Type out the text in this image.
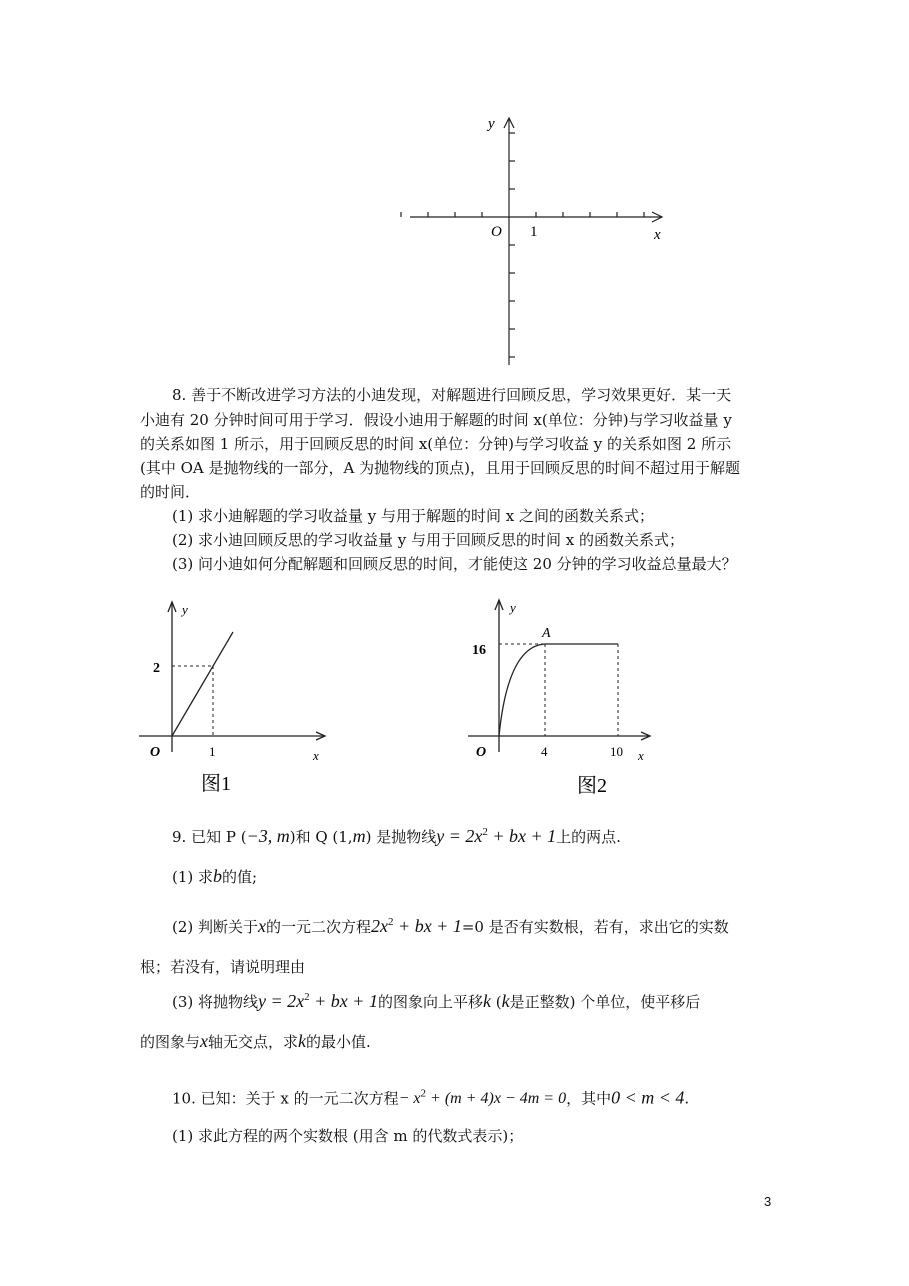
y
x
O 1
8. 善于不断改进学习方法的小迪发现，对解题进行回顾反思，学习效果更好．某一天
小迪有 20 分钟时间可用于学习．假设小迪用于解题的时间 x(单位：分钟)与学习收益量 y
的关系如图 1 所示，用于回顾反思的时间 x(单位：分钟)与学习收益 y 的关系如图 2 所示
(其中 OA 是抛物线的一部分，A 为抛物线的顶点)，且用于回顾反思的时间不超过用于解题
的时间．
(1) 求小迪解题的学习收益量 y 与用于解题的时间 x 之间的函数关系式；
(2) 求小迪回顾反思的学习收益量 y 与用于回顾反思的时间 x 的函数关系式；
(3) 问小迪如何分配解题和回顾反思的时间，才能使这 20 分钟的学习收益总量最大？
y
x
O
2
1
图1
y
x
A
O
16
4	10
图2
9. 已知 P (−3, m)和 Q (1,m) 是抛物线$y = 2x^2$ + bx + 1上的两点.
(1) 求b的值;
(2) 判断关于x的一元二次方程$2x^2$ + bx + 1=0 是否有实数根，若有，求出它的实数
根；若没有，请说明理由
(3) 将抛物线$y = 2x^2$ + bx + 1的图象向上平移k (k是正整数) 个单位，使平移后
的图象与x轴无交点，求k的最小值.
10. 已知：关于 x 的一元二次方程− $x^2 + (m + 4)x - 4m = 0$，其中0 < m < 4.
(1) 求此方程的两个实数根 (用含 m 的代数式表示)；
3
